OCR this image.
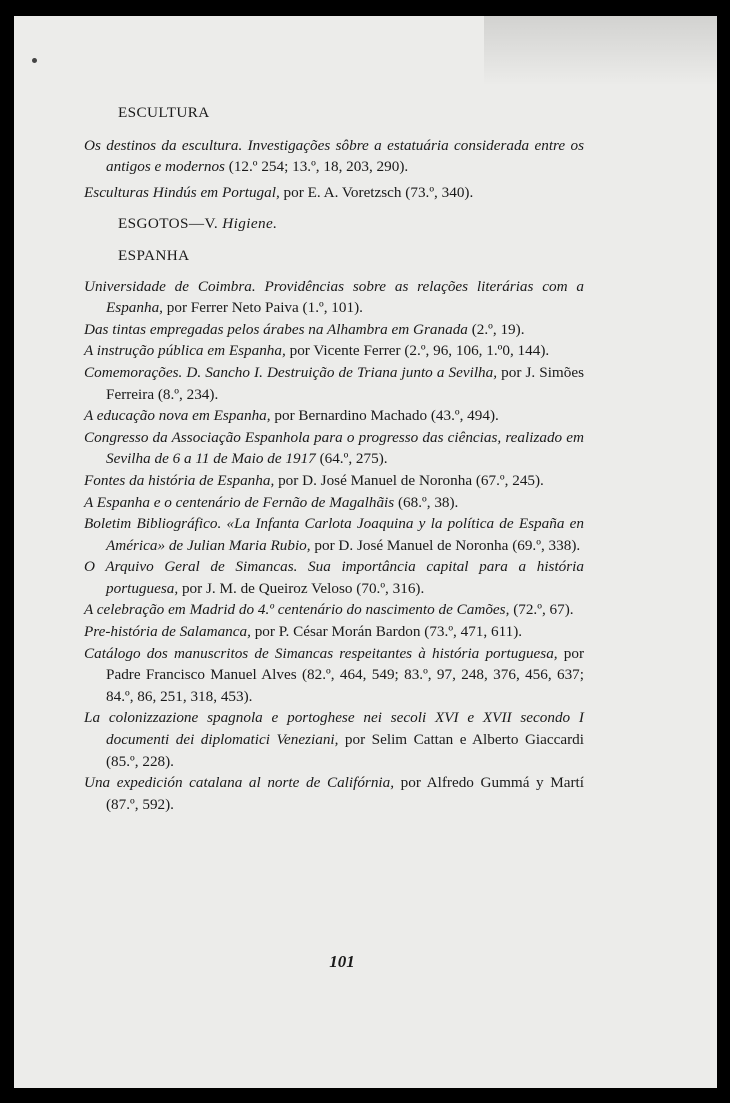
ESCULTURA

Os destinos da escultura. Investigações sôbre a estatuária considerada entre os antigos e modernos (12.º 254; 13.º, 18, 203, 290).

Esculturas Hindús em Portugal, por E. A. Voretzsch (73.º, 340).

ESGOTOS—V. Higiene.
ESPANHA

Universidade de Coimbra. Providências sobre as relações literárias com a Espanha, por Ferrer Neto Paiva (1.º, 101).

Das tintas empregadas pelos árabes na Alhambra em Granada (2.º, 19).

A instrução pública em Espanha, por Vicente Ferrer (2.º, 96, 106, 1.º0, 144).

Comemorações. D. Sancho I. Destruição de Triana junto a Sevilha, por J. Simões Ferreira (8.º, 234).

A educação nova em Espanha, por Bernardino Machado (43.º, 494).

Congresso da Associação Espanhola para o progresso das ciências, realizado em Sevilha de 6 a 11 de Maio de 1917 (64.º, 275).

Fontes da história de Espanha, por D. José Manuel de Noronha (67.º, 245).

A Espanha e o centenário de Fernão de Magalhãis (68.º, 38).

Boletim Bibliográfico. «La Infanta Carlota Joaquina y la política de España en América» de Julian Maria Rubio, por D. José Manuel de Noronha (69.º, 338).

O Arquivo Geral de Simancas. Sua importância capital para a história portuguesa, por J. M. de Queiroz Veloso (70.º, 316).

A celebração em Madrid do 4.º centenário do nascimento de Camões, (72.º, 67).

Pre-história de Salamanca, por P. César Morán Bardon (73.º, 471, 611).

Catálogo dos manuscritos de Simancas respeitantes à história portuguesa, por Padre Francisco Manuel Alves (82.º, 464, 549; 83.º, 97, 248, 376, 456, 637; 84.º, 86, 251, 318, 453).

La colonizzazione spagnola e portoghese nei secoli XVI e XVII secondo I documenti dei diplomatici Veneziani, por Selim Cattan e Alberto Giaccardi (85.º, 228).

Una expedición catalana al norte de Califórnia, por Alfredo Gummá y Martí (87.º, 592).

101
